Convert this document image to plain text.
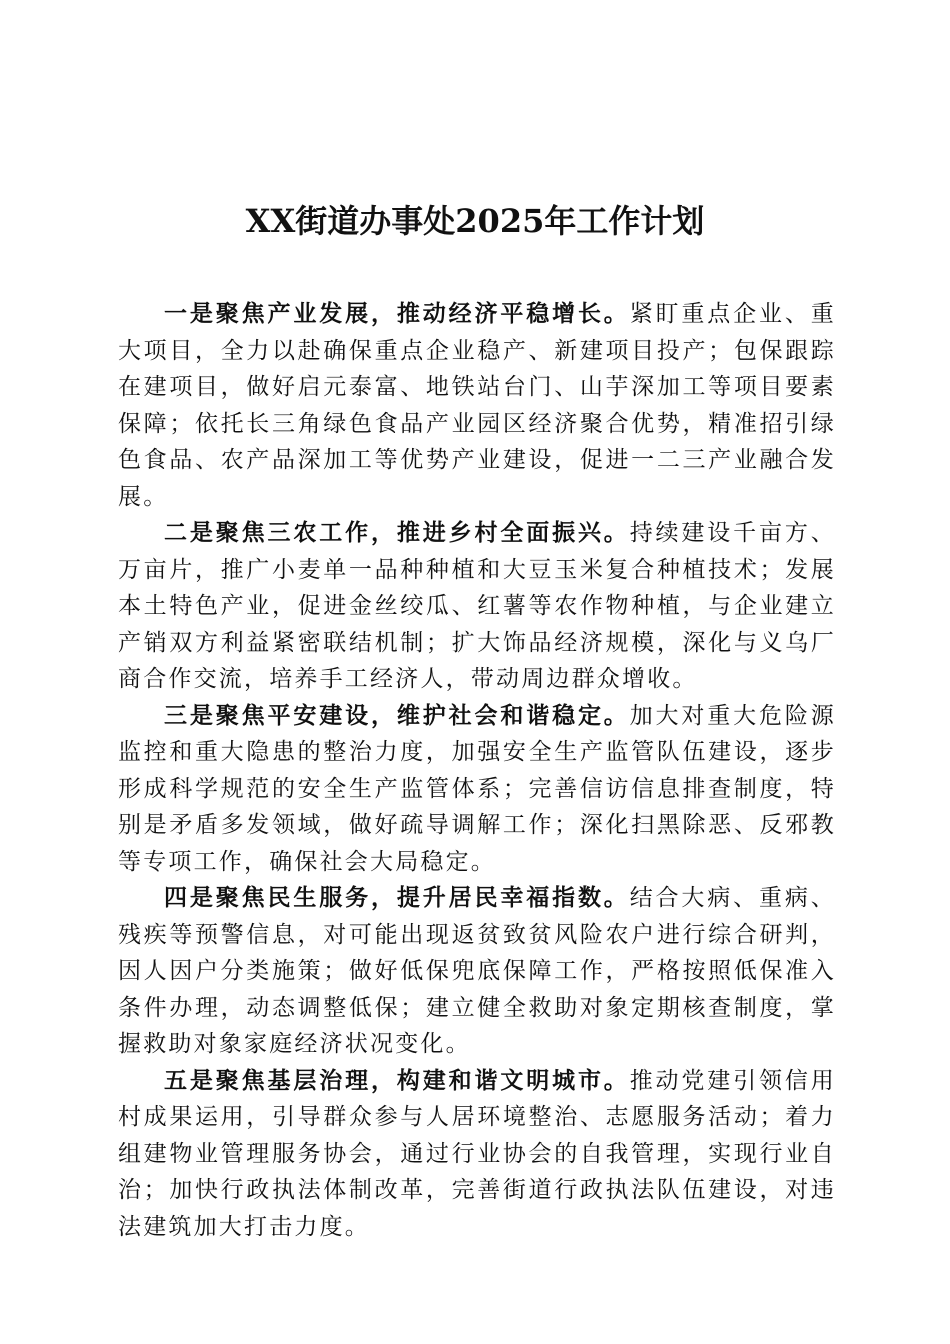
XX街道办事处2025年工作计划

一是聚焦产业发展，推动经济平稳增长。紧盯重点企业、重大项目，全力以赴确保重点企业稳产、新建项目投产；包保跟踪在建项目，做好启元泰富、地铁站台门、山芋深加工等项目要素保障；依托长三角绿色食品产业园区经济聚合优势，精准招引绿色食品、农产品深加工等优势产业建设，促进一二三产业融合发展。

二是聚焦三农工作，推进乡村全面振兴。持续建设千亩方、万亩片，推广小麦单一品种种植和大豆玉米复合种植技术；发展本土特色产业，促进金丝绞瓜、红薯等农作物种植，与企业建立产销双方利益紧密联结机制；扩大饰品经济规模，深化与义乌厂商合作交流，培养手工经济人，带动周边群众增收。

三是聚焦平安建设，维护社会和谐稳定。加大对重大危险源监控和重大隐患的整治力度，加强安全生产监管队伍建设，逐步形成科学规范的安全生产监管体系；完善信访信息排查制度，特别是矛盾多发领域，做好疏导调解工作；深化扫黑除恶、反邪教等专项工作，确保社会大局稳定。

四是聚焦民生服务，提升居民幸福指数。结合大病、重病、残疾等预警信息，对可能出现返贫致贫风险农户进行综合研判，因人因户分类施策；做好低保兜底保障工作，严格按照低保准入条件办理，动态调整低保；建立健全救助对象定期核查制度，掌握救助对象家庭经济状况变化。

五是聚焦基层治理，构建和谐文明城市。推动党建引领信用村成果运用，引导群众参与人居环境整治、志愿服务活动；着力组建物业管理服务协会，通过行业协会的自我管理，实现行业自治；加快行政执法体制改革，完善街道行政执法队伍建设，对违法建筑加大打击力度。
